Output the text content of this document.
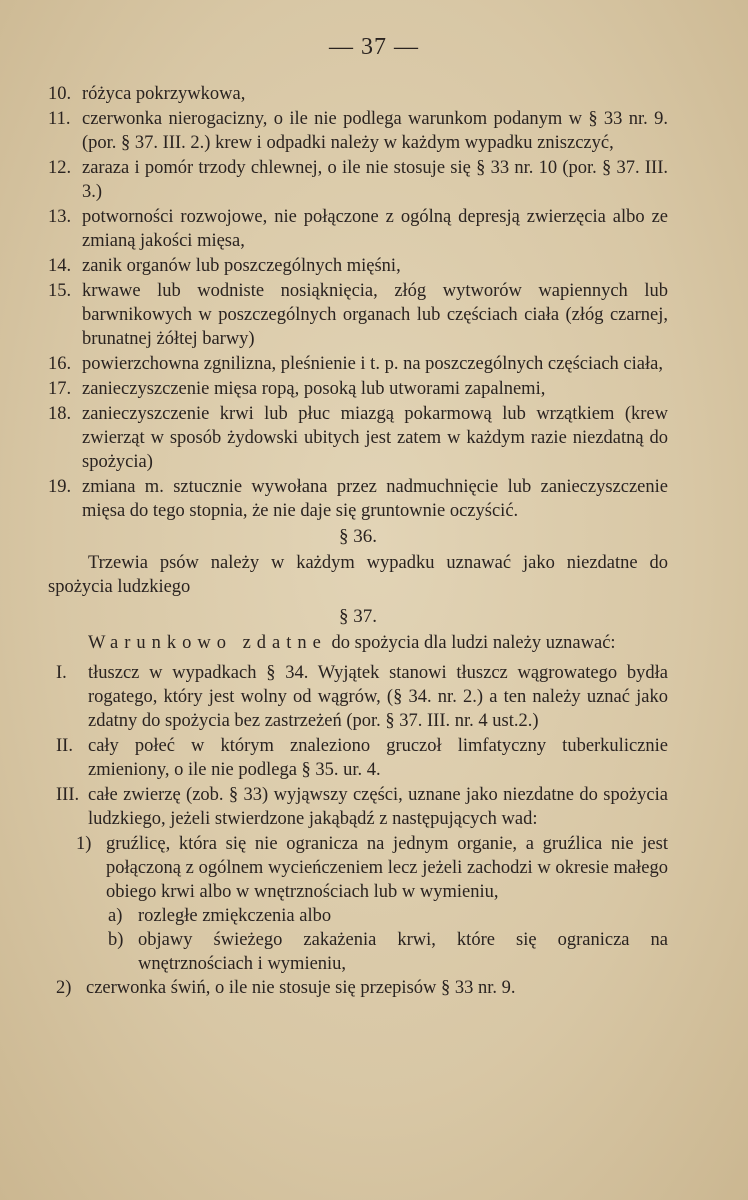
— 37 —
10. różyca pokrzywkowa,
11. czerwonka nierogacizny, o ile nie podlega warunkom podanym w § 33 nr. 9. (por. § 37. III. 2.) krew i odpadki należy w każdym wypadku zniszczyć,
12. zaraza i pomór trzody chlewnej, o ile nie stosuje się § 33 nr. 10 (por. § 37. III. 3.)
13. potworności rozwojowe, nie połączone z ogólną depresją zwierzęcia albo ze zmianą jakości mięsa,
14. zanik organów lub poszczególnych mięśni,
15. krwawe lub wodniste nosiąknięcia, złóg wytworów wapiennych lub barwnikowych w poszczególnych organach lub częściach ciała (złóg czarnej, brunatnej żółtej barwy)
16. powierzchowna zgnilizna, pleśnienie i t. p. na poszczególnych częściach ciała,
17. zanieczyszczenie mięsa ropą, posoką lub utworami zapalnemi,
18. zanieczyszczenie krwi lub płuc miazgą pokarmową lub wrzątkiem (krew zwierząt w sposób żydowski ubitych jest zatem w każdym razie niezdatną do spożycia)
19. zmiana m. sztucznie wywołana przez nadmuchnięcie lub zanieczyszczenie mięsa do tego stopnia, że nie daje się gruntownie oczyścić.
§ 36.
Trzewia psów należy w każdym wypadku uznawać jako niezdatne do spożycia ludzkiego
§ 37.
Warunkowo zdatne do spożycia dla ludzi należy uznawać:
I.	tłuszcz w wypadkach § 34. Wyjątek stanowi tłuszcz wągrowatego bydła rogatego, który jest wolny od wągrów, (§ 34. nr. 2.) a ten należy uznać jako zdatny do spożycia bez zastrzeżeń (por. § 37. III. nr. 4 ust.2.)
II. cały połeć w którym znaleziono gruczoł limfatyczny tuberkulicznie zmieniony, o ile nie podlega § 35. ur. 4.
III. całe zwierzę (zob. § 33) wyjąwszy części, uznane jako niezdatne do spożycia ludzkiego, jeżeli stwierdzone jakąbądź z następujących wad:
1) gruźlicę, która się nie ogranicza na jednym organie, a gruźlica nie jest połączoną z ogólnem wycieńczeniem lecz jeżeli zachodzi w okresie małego obiego krwi albo w wnętrznościach lub w wymieniu,
a) rozległe zmiękczenia albo
b) objawy świeżego zakażenia krwi, które się ogranicza na wnętrznościach i wymieniu,
2) czerwonka świń, o ile nie stosuje się przepisów § 33 nr. 9.
